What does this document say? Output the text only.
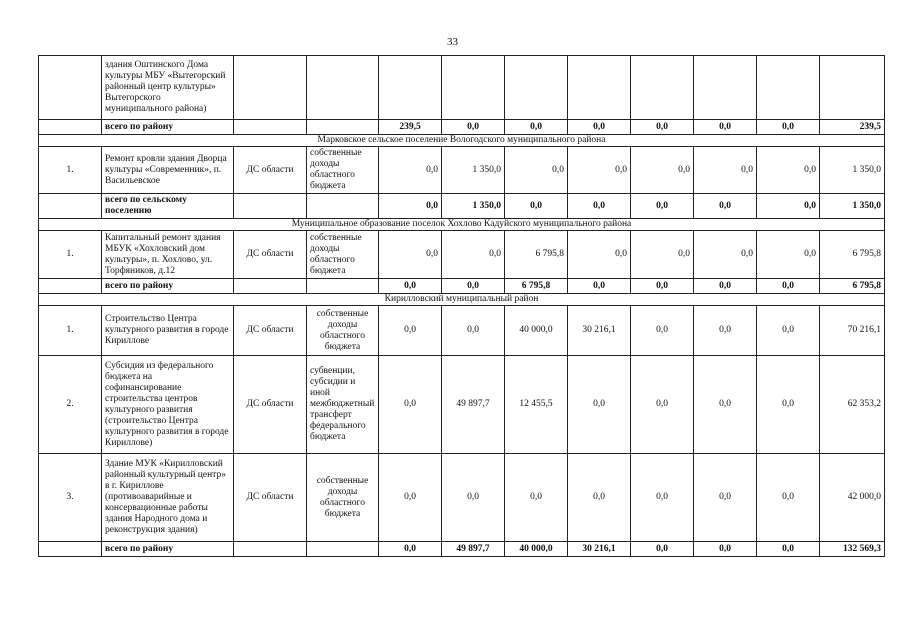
33
	здания Оштинского Дома культуры МБУ «Вытегорский районный центр культуры» Вытегорского муниципального района)										
	всего по району			239,5	0,0	0,0	0,0	0,0	0,0	0,0	239,5
Марковское сельское поселение Вологодского муниципального района											
1.	Ремонт кровли здания Дворца культуры «Современник», п. Васильевское	ДС области	собственные доходы областного бюджета	0,0	1 350,0	0,0	0,0	0,0	0,0	0,0	1 350,0
	всего по сельскому поселению			0,0	1 350,0	0,0	0,0	0,0	0,0	0,0	1 350,0
Муниципальное образование поселок Хохлово Кадуйского муниципального района											
1.	Капитальный ремонт здания МБУК «Хохловский дом культуры», п. Хохлово, ул. Торфяников, д.12	ДС области	собственные доходы областного бюджета	0,0	0,0	6 795,8	0,0	0,0	0,0	0,0	6 795,8
	всего по району			0,0	0,0	6 795,8	0,0	0,0	0,0	0,0	6 795,8
Кирилловский муниципальный район											
1.	Строительство Центра культурного развития в городе Кириллове	ДС области	собственные доходы областного бюджета	0,0	0,0	40 000,0	30 216,1	0,0	0,0	0,0	70 216,1
2.	Субсидия из федерального бюджета на софинансирование строительства центров культурного развития (строительство Центра культурного развития в городе Кириллове)	ДС области	субвенции, субсидии и иной межбюджетный трансферт федерального бюджета	0,0	49 897,7	12 455,5	0,0	0,0	0,0	0,0	62 353,2
3.	Здание МУК «Кирилловский районный культурный центр» в г. Кириллове (противоаварийные и консервационные работы здания Народного дома и реконструкция здания)	ДС области	собственные доходы областного бюджета	0,0	0,0	0,0	0,0	0,0	0,0	0,0	42 000,0
	всего по району			0,0	49 897,7	40 000,0	30 216,1	0,0	0,0	0,0	132 569,3
